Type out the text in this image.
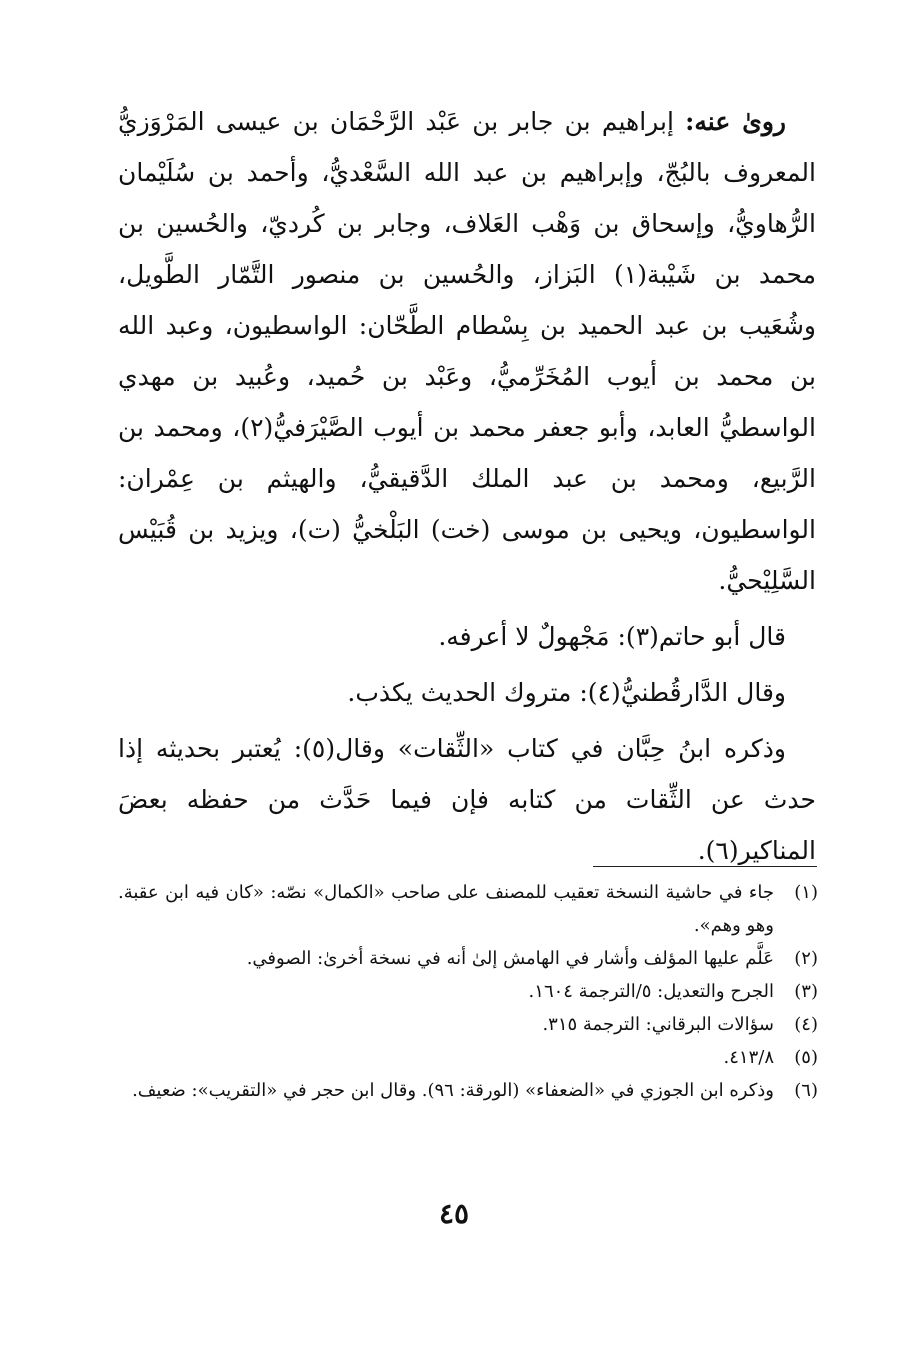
رویٰ عنه: إبراهيم بن جابر بن عَبْد الرَّحْمَان بن عيسى المَرْوَزيُّ المعروف بالبُجّ، وإبراهيم بن عبد الله السَّعْديُّ، وأحمد بن سُلَيْمان الرُّهاويُّ، وإسحاق بن وَهْب العَلاف، وجابر بن كُرديّ، والحُسين بن محمد بن شَيْبة(١) البَزاز، والحُسين بن منصور التَّمّار الطَّويل، وشُعَيب بن عبد الحميد بن بِسْطام الطَّحّان: الواسطيون، وعبد الله بن محمد بن أيوب المُخَرِّميُّ، وعَبْد بن حُميد، وعُبيد بن مهدي الواسطيُّ العابد، وأبو جعفر محمد بن أيوب الصَّيْرَفيُّ(٢)، ومحمد بن الرَّبيع، ومحمد بن عبد الملك الدَّقيقيُّ، والهيثم بن عِمْران: الواسطيون، ويحيى بن موسى (خت) البَلْخيُّ (ت)، ويزيد بن قُبَيْس السَّلِيْحيُّ.

قال أبو حاتم(٣): مَجْهولٌ لا أعرفه.

وقال الدَّارقُطنيُّ(٤): متروك الحديث يكذب.

وذكره ابنُ حِبَّان في كتاب «الثِّقات» وقال(٥): يُعتبر بحديثه إذا حدث عن الثِّقات من كتابه فإن فيما حَدَّث من حفظه بعضَ المناكير(٦).

(١)
جاء في حاشية النسخة تعقيب للمصنف على صاحب «الكمال» نصّه: «كان فيه ابن عقبة. وهو وهم».
(٢)
عَلَّم عليها المؤلف وأشار في الهامش إلىٰ أنه في نسخة أخرىٰ: الصوفي.
(٣)
الجرح والتعديل: ٥/الترجمة ١٦٠٤.
(٤)
سؤالات البرقاني: الترجمة ٣١٥.
(٥)
٤١٣/٨.
(٦)
وذكره ابن الجوزي في «الضعفاء» (الورقة: ٩٦). وقال ابن حجر في «التقريب»: ضعيف.
٤٥
